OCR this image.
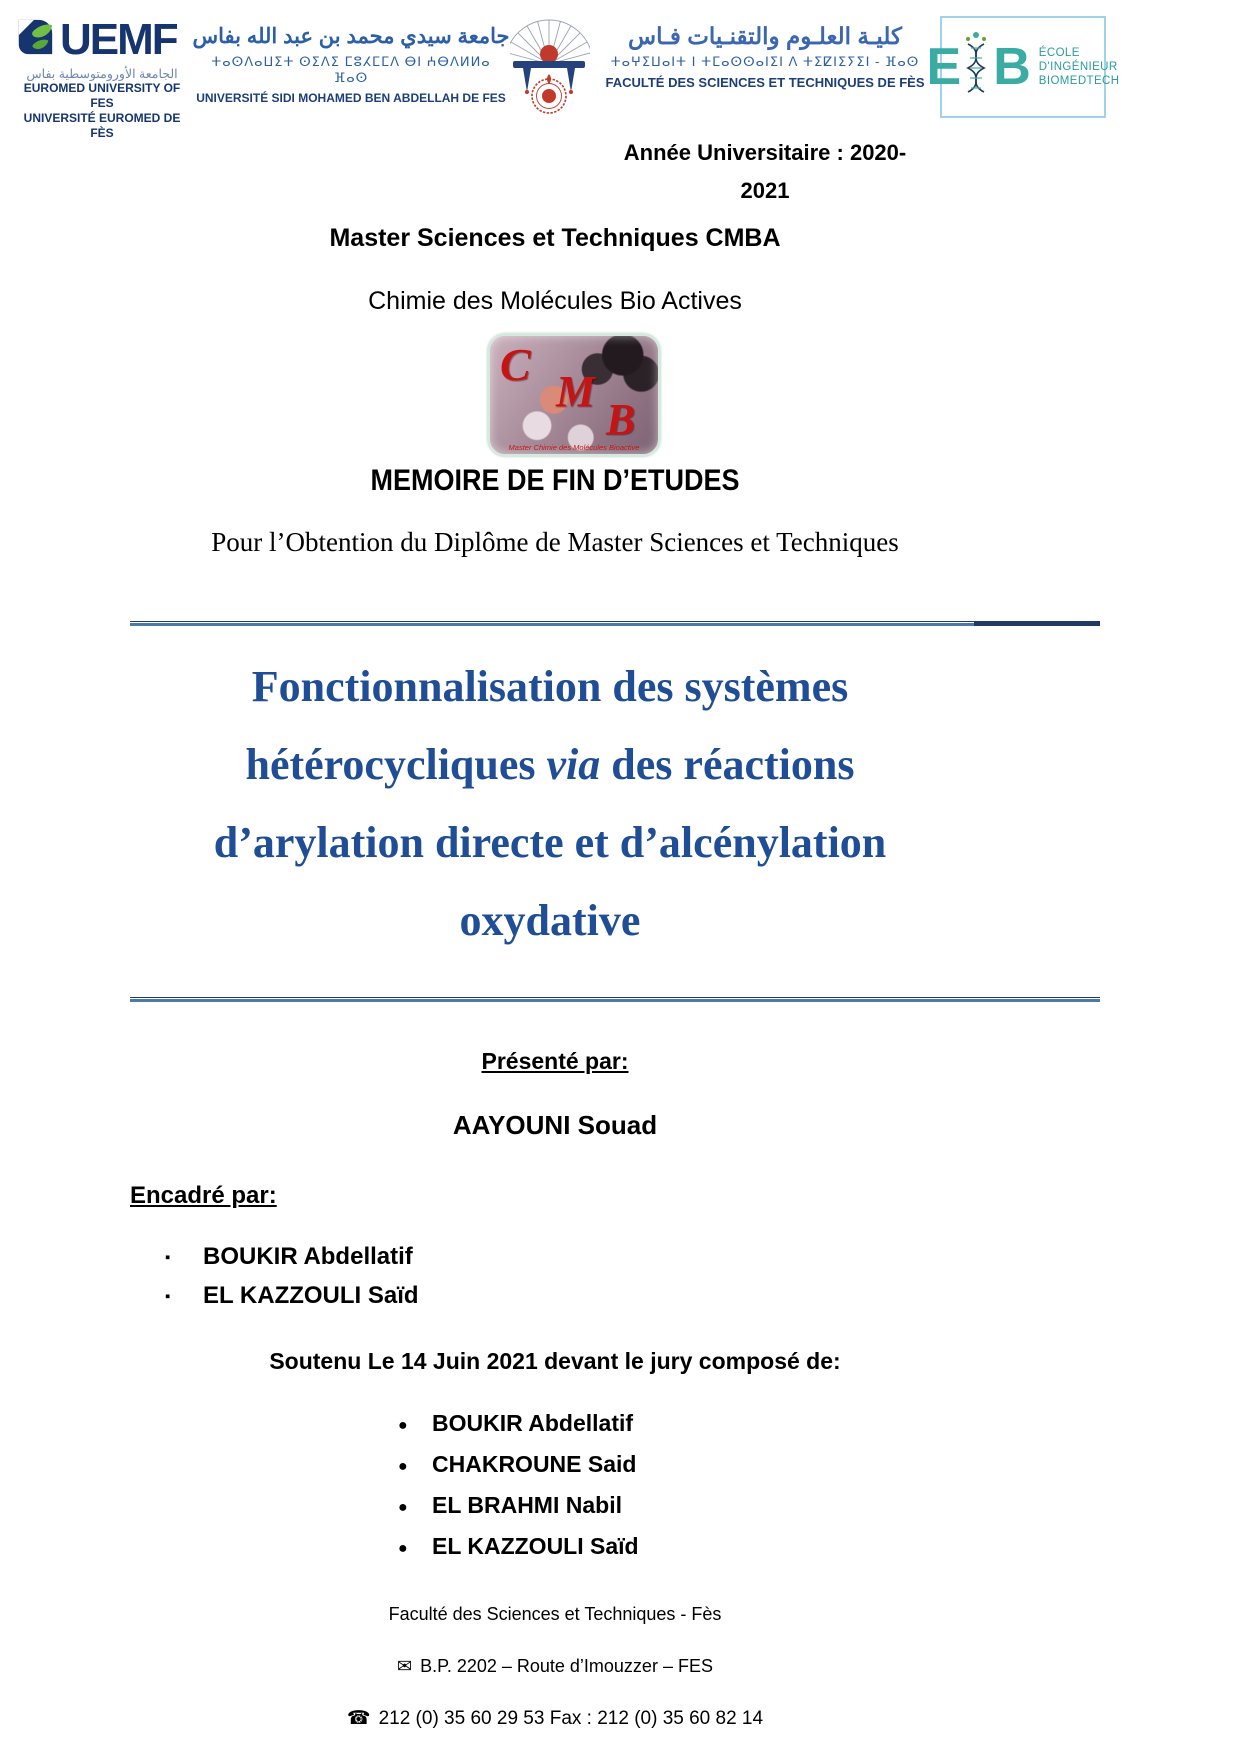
UEMF
الجامعة الأورومتوسطية بفاس
EUROMED UNIVERSITY OF FES
UNIVERSITÉ EUROMED DE FÈS
جامعة سيدي محمد بن عبد الله بفاس
ⵜⴰⵙⴷⴰⵡⵉⵜ ⵙⵉⴷⵉ ⵎⵓⵃⵎⵎⴷ ⴱⵏ ⵄⴱⴷⵍⵍⴰ ⴼⴰⵙ
UNIVERSITÉ SIDI MOHAMED BEN ABDELLAH DE FES
كليـة العلـوم والتقنـيات فـاس
ⵜⴰⵖⵉⵡⴰⵏⵜ ⵏ ⵜⵎⴰⵙⵙⴰⵏⵉⵏ ⴷ ⵜⵉⵇⵏⵉⵢⵉⵏ - ⴼⴰⵙ
FACULTÉ DES SCIENCES ET TECHNIQUES DE FÈS E B ÉCOLE
D'INGÉNIEUR
BIOMEDTECH
Année Universitaire : 2020-
2021
Master Sciences et Techniques CMBA
Chimie des Molécules Bio Actives
C
M
B
Master Chimie des Molécules Bioactive
MEMOIRE DE FIN D’ETUDES
Pour l’Obtention du Diplôme de Master Sciences et Techniques
Fonctionnalisation des systèmes
hétérocycliques via des réactions
d’arylation directe et d’alcénylation
oxydative
Présenté par:
AAYOUNI Souad
Encadré par:
▪ BOUKIR Abdellatif
▪ EL KAZZOULI Saïd
Soutenu Le 14 Juin 2021 devant le jury composé de:
● BOUKIR Abdellatif
● CHAKROUNE Said
● EL BRAHMI Nabil
● EL KAZZOULI Saïd
Faculté des Sciences et Techniques - Fès
✉ B.P. 2202 – Route d’Imouzzer – FES
☎ 212 (0) 35 60 29 53 Fax : 212 (0) 35 60 82 14
